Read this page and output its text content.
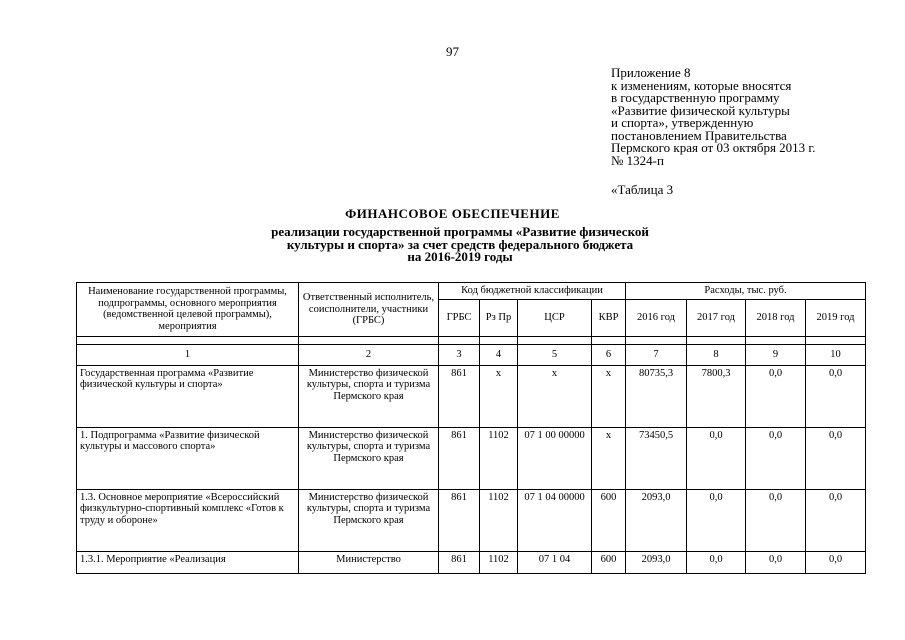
97
Приложение 8
к изменениям, которые вносятся
в государственную программу
«Развитие физической культуры
и спорта», утвержденную
постановлением Правительства
Пермского края от 03 октября 2013 г.
№ 1324-п
«Таблица 3
ФИНАНСОВОЕ ОБЕСПЕЧЕНИЕ
реализации государственной программы «Развитие физической
культуры и спорта» за счет средств федерального бюджета
на 2016-2019 годы
Наименование государственной программы, подпрограммы, основного мероприятия (ведомственной целевой программы), мероприятия	Ответственный исполнитель, соисполнители, участники (ГРБС)	Код бюджетной классификации				Расходы, тыс. руб.			
		ГРБС	Рз Пр	ЦСР	КВР	2016 год	2017 год	2018 год	2019 год

1	2	3	4	5	6	7	8	9	10
Государственная программа «Развитие физической культуры и спорта»	Министерство физической культуры, спорта и туризма Пермского края	861	х	х	х	80735,3	7800,3	0,0	0,0
1. Подпрограмма «Развитие физической культуры и массового спорта»	Министерство физической культуры, спорта и туризма Пермского края	861	1102	07 1 00 00000	х	73450,5	0,0	0,0	0,0
1.3. Основное мероприятие «Всероссийский физкультурно-спортивный комплекс «Готов к труду и обороне»	Министерство физической культуры, спорта и туризма Пермского края	861	1102	07 1 04 00000	600	2093,0	0,0	0,0	0,0
1.3.1. Мероприятие «Реализация	Министерство	861	1102	07 1 04	600	2093,0	0,0	0,0	0,0
